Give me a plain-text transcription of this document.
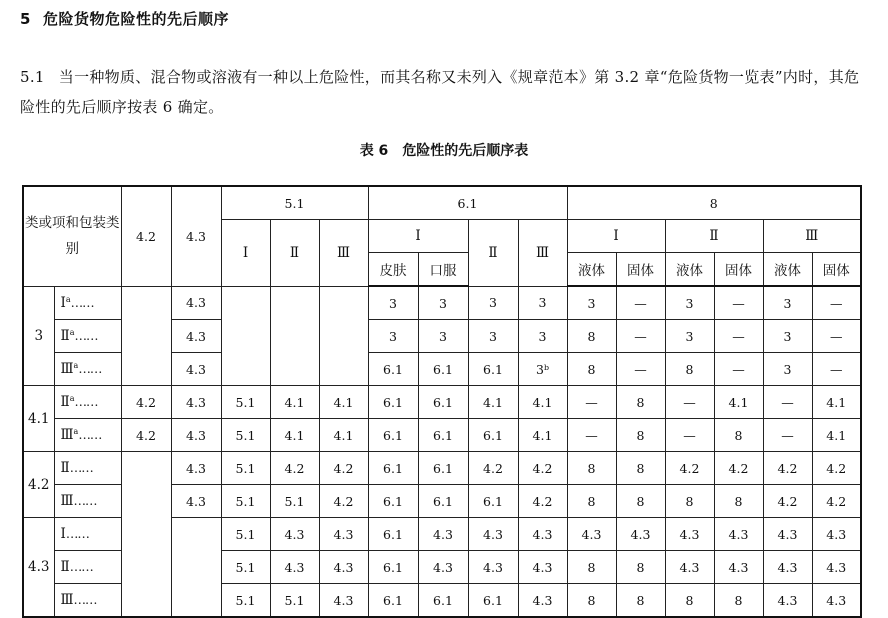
5 危险货物危险性的先后顺序

5.1 当一种物质、混合物或溶液有一种以上危险性，而其名称又未列入《规章范本》第 3.2 章“危险货物一览表”内时，其危险性的先后顺序按表 6 确定。

表 6 危险性的先后顺序表
类或项和包装类别		4.2	4.3	5.1			6.1				8					
				Ⅰ	Ⅱ	Ⅲ	Ⅰ		Ⅱ	Ⅲ	Ⅰ		Ⅱ		Ⅲ	
							皮肤	口服			液体	固体	液体	固体	液体	固体
3	Ⅰ$^a$……		4.3				3	3	3	3	3	—	3	—	3	—
	Ⅱ$^a$……		4.3				3	3	3	3	8	—	3	—	3	—
	Ⅲ$^a$……		4.3				6.1	6.1	6.1	3ᵇ	8	—	8	—	3	—
4.1	Ⅱ$^a$……	4.2	4.3	5.1	4.1	4.1	6.1	6.1	4.1	4.1	—	8	—	4.1	—	4.1
	Ⅲ$^a$……	4.2	4.3	5.1	4.1	4.1	6.1	6.1	6.1	4.1	—	8	—	8	—	4.1
4.2	Ⅱ……		4.3	5.1	4.2	4.2	6.1	6.1	4.2	4.2	8	8	4.2	4.2	4.2	4.2
	Ⅲ……		4.3	5.1	5.1	4.2	6.1	6.1	6.1	4.2	8	8	8	8	4.2	4.2
4.3	Ⅰ……			5.1	4.3	4.3	6.1	4.3	4.3	4.3	4.3	4.3	4.3	4.3	4.3	4.3
	Ⅱ……			5.1	4.3	4.3	6.1	4.3	4.3	4.3	8	8	4.3	4.3	4.3	4.3
	Ⅲ……			5.1	5.1	4.3	6.1	6.1	6.1	4.3	8	8	8	8	4.3	4.3
